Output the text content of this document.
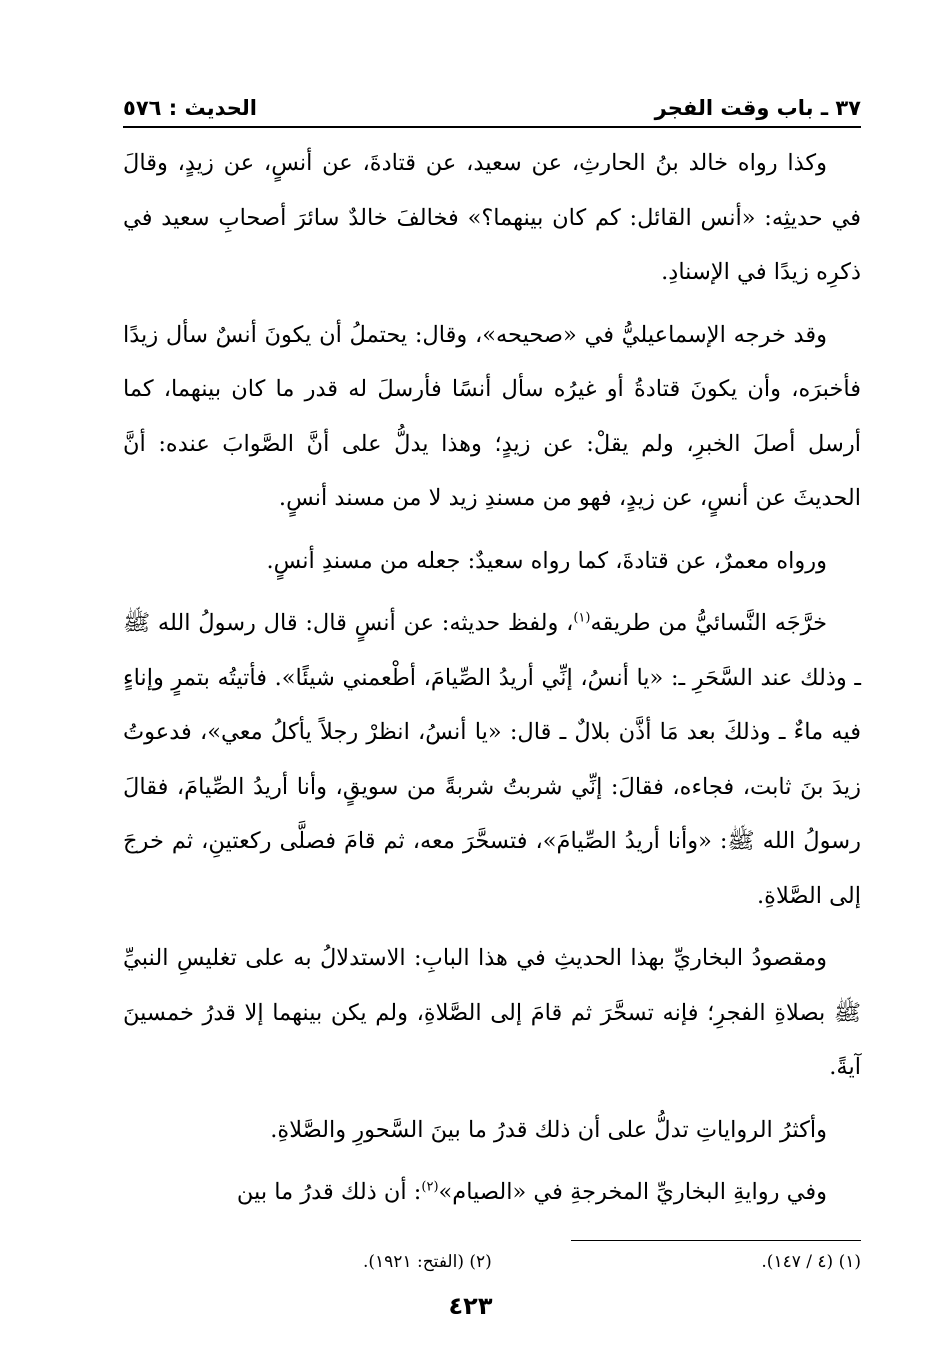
٣٧ ـ باب وقت الفجر
الحديث : ٥٧٦

وكذا رواه خالد بنُ الحارثِ، عن سعيد، عن قتادةَ، عن أنسٍ، عن زيدٍ، وقالَ في حديثِه: «أنس القائل: كم كان بينهما؟» فخالفَ خالدٌ سائرَ أصحابِ سعيد في ذكرِه زيدًا في الإسنادِ.

وقد خرجه الإسماعيليُّ في «صحيحه»، وقال: يحتملُ أن يكونَ أنسٌ سأل زيدًا فأخبرَه، وأن يكونَ قتادةُ أو غيرُه سأل أنسًا فأرسلَ له قدر ما كان بينهما، كما أرسل أصلَ الخبرِ، ولم يقلْ: عن زيدٍ؛ وهذا يدلُّ على أنَّ الصَّوابَ عنده: أنَّ الحديثَ عن أنسٍ، عن زيدٍ، فهو من مسندِ زيد لا من مسند أنسٍ.

ورواه معمرٌ، عن قتادةَ، كما رواه سعيدٌ: جعله من مسندِ أنسٍ.

خرَّجَه النَّسائيُّ من طريقه$^{(١)}$، ولفظ حديثه: عن أنسٍ قال: قال رسولُ الله ﷺ ـ وذلك عند السَّحَرِ ـ: «يا أنسُ، إنِّي أريدُ الصِّيامَ، أطْعمني شيئًا». فأتيتُه بتمرٍ وإناءٍ فيه ماءٌ ـ وذلكَ بعد مَا أذَّن بلالٌ ـ قال: «يا أنسُ، انظرْ رجلاً يأكلُ معي»، فدعوتُ زيدَ بنَ ثابت، فجاءه، فقالَ: إنِّي شربتُ شربةً من سويقٍ، وأنا أريدُ الصِّيامَ، فقالَ رسولُ الله ﷺ: «وأنا أريدُ الصِّيامَ»، فتسحَّرَ معه، ثم قامَ فصلَّى ركعتينِ، ثم خرجَ إلى الصَّلاةِ.

ومقصودُ البخاريِّ بهذا الحديثِ في هذا البابِ: الاستدلالُ به على تغليسِ النبيِّ ﷺ بصلاةِ الفجرِ؛ فإنه تسحَّرَ ثم قامَ إلى الصَّلاةِ، ولم يكن بينهما إلا قدرُ خمسينَ آيةً.

وأكثرُ الرواياتِ تدلُّ على أن ذلك قدرُ ما بينَ السَّحورِ والصَّلاةِ.

وفي روايةِ البخاريِّ المخرجةِ في «الصيام»$^{(٢)}$: أن ذلك قدرُ ما بين

(١) (٤ / ١٤٧).
(٢) (الفتح: ١٩٢١).
٤٢٣
